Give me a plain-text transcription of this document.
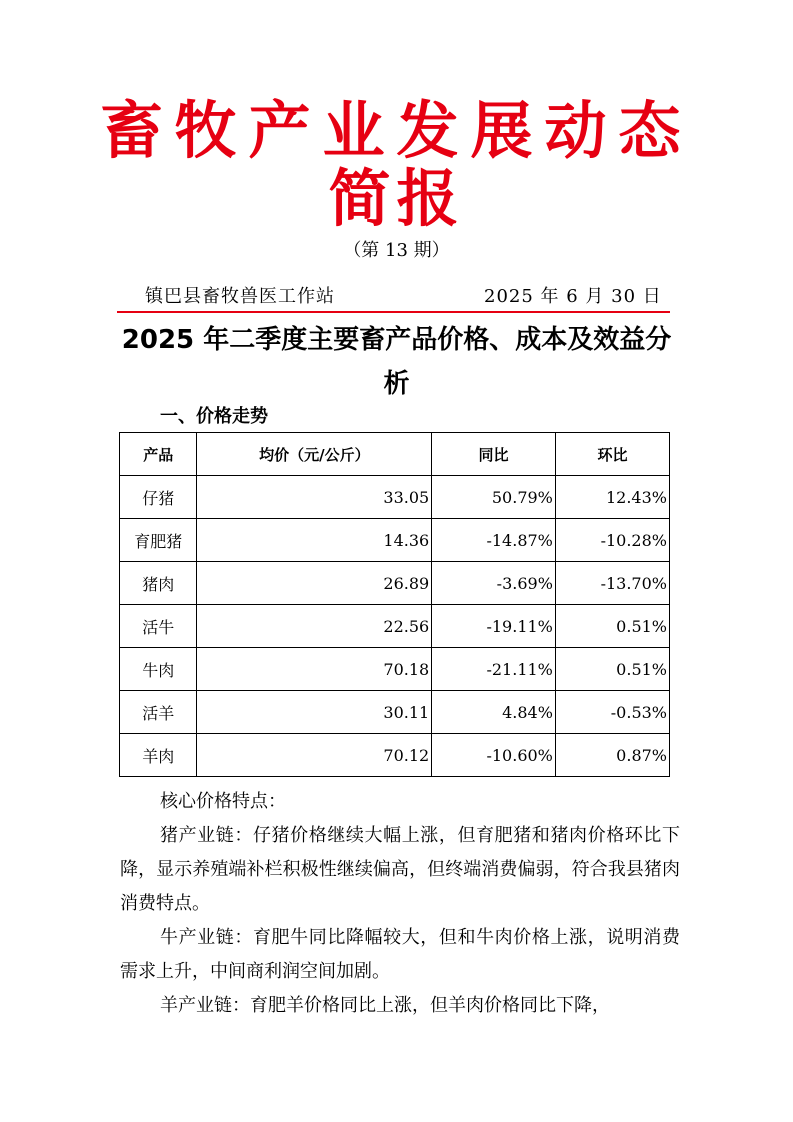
畜牧产业发展动态
简报
（第 13 期）
镇巴县畜牧兽医工作站	2025 年 6 月 30 日
2025 年二季度主要畜产品价格、成本及效益分析
一、价格走势
产品	均价（元/公斤）	同比	环比
仔猪	33.05	50.79%	12.43%
育肥猪	14.36	-14.87%	-10.28%
猪肉	26.89	-3.69%	-13.70%
活牛	22.56	-19.11%	0.51%
牛肉	70.18	-21.11%	0.51%
活羊	30.11	4.84%	-0.53%
羊肉	70.12	-10.60%	0.87%

核心价格特点：

猪产业链：仔猪价格继续大幅上涨，但育肥猪和猪肉价格环比下降，显示养殖端补栏积极性继续偏高，但终端消费偏弱，符合我县猪肉消费特点。

牛产业链：育肥牛同比降幅较大，但和牛肉价格上涨，说明消费需求上升，中间商利润空间加剧。

羊产业链：育肥羊价格同比上涨，但羊肉价格同比下降，
